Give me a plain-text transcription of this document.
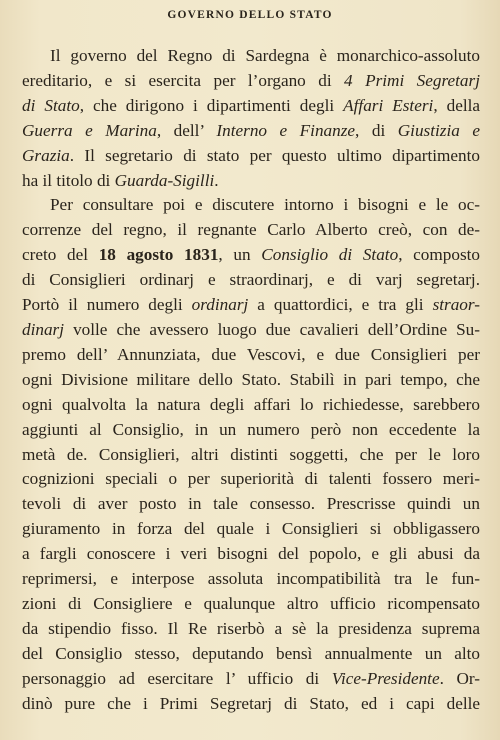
GOVERNO DELLO STATO
Il governo del Regno di Sardegna è monarchico-assoluto
ereditario, e si esercita per l’organo di 4 Primi Segretarj
di Stato, che dirigono i dipartimenti degli Affari Esteri, della
Guerra e Marina, dell’ Interno e Finanze, di Giustizia e
Grazia. Il segretario di stato per questo ultimo dipartimento
ha il titolo di Guarda-Sigilli.
Per consultare poi e discutere intorno i bisogni e le oc-
correnze del regno, il regnante Carlo Alberto creò, con de-
creto del 18 agosto 1831, un Consiglio di Stato, composto
di Consiglieri ordinarj e straordinarj, e di varj segretarj.
Portò il numero degli ordinarj a quattordici, e tra gli straor-
dinarj volle che avessero luogo due cavalieri dell’Ordine Su-
premo dell’ Annunziata, due Vescovi, e due Consiglieri per
ogni Divisione militare dello Stato. Stabilì in pari tempo, che
ogni qualvolta la natura degli affari lo richiedesse, sarebbero
aggiunti al Consiglio, in un numero però non eccedente la
metà de. Consiglieri, altri distinti soggetti, che per le loro
cognizioni speciali o per superiorità di talenti fossero meri-
tevoli di aver posto in tale consesso. Prescrisse quindi un
giuramento in forza del quale i Consiglieri si obbligassero
a fargli conoscere i veri bisogni del popolo, e gli abusi da
reprimersi, e interpose assoluta incompatibilità tra le fun-
zioni di Consigliere e qualunque altro ufficio ricompensato
da stipendio fisso. Il Re riserbò a sè la presidenza suprema
del Consiglio stesso, deputando bensì annualmente un alto
personaggio ad esercitare l’ ufficio di Vice-Presidente. Or-
dinò pure che i Primi Segretarj di Stato, ed i capi delle
